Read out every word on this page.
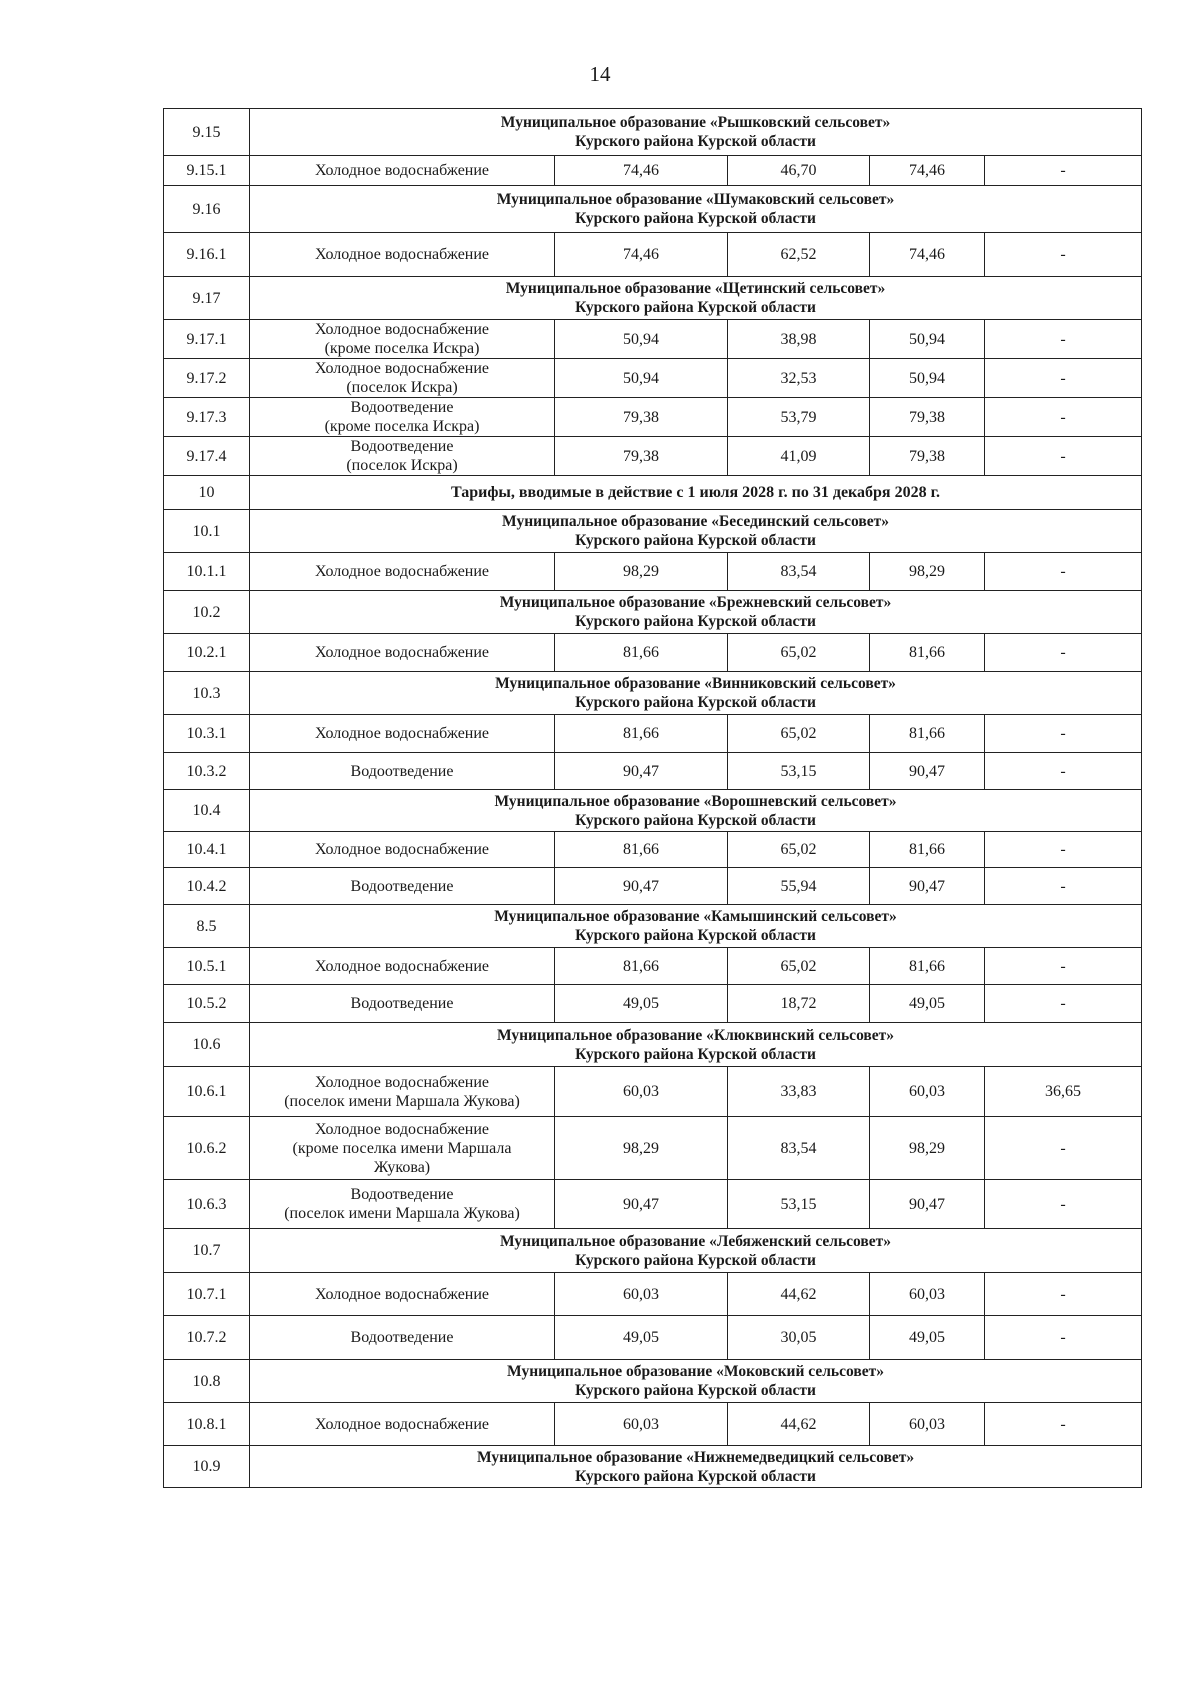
14
9.15	Муниципальное образование «Рышковский сельсовет»
Курского района Курской области				

9.15.1	Холодное водоснабжение	74,46	46,70	74,46	-
9.16	Муниципальное образование «Шумаковский сельсовет»
Курского района Курской области				

9.16.1	Холодное водоснабжение	74,46	62,52	74,46	-
9.17	Муниципальное образование «Щетинский сельсовет»
Курского района Курской области				

9.17.1	Холодное водоснабжение
(кроме поселка Искра)	50,94	38,98	50,94	-
9.17.2	Холодное водоснабжение
(поселок Искра)	50,94	32,53	50,94	-
9.17.3	Водоотведение
(кроме поселка Искра)	79,38	53,79	79,38	-
9.17.4	Водоотведение
(поселок Искра)	79,38	41,09	79,38	-
10	Тарифы, вводимые в действие с 1 июля 2028 г. по 31 декабря 2028 г.				
10.1	Муниципальное образование «Бесединский сельсовет»
Курского района Курской области				

10.1.1	Холодное водоснабжение	98,29	83,54	98,29	-
10.2	Муниципальное образование «Брежневский сельсовет»
Курского района Курской области				

10.2.1	Холодное водоснабжение	81,66	65,02	81,66	-
10.3	Муниципальное образование «Винниковский сельсовет»
Курского района Курской области				

10.3.1	Холодное водоснабжение	81,66	65,02	81,66	-
10.3.2	Водоотведение	90,47	53,15	90,47	-
10.4	Муниципальное образование «Ворошневский сельсовет»
Курского района Курской области				

10.4.1	Холодное водоснабжение	81,66	65,02	81,66	-
10.4.2	Водоотведение	90,47	55,94	90,47	-
8.5	Муниципальное образование «Камышинский сельсовет»
Курского района Курской области				

10.5.1	Холодное водоснабжение	81,66	65,02	81,66	-
10.5.2	Водоотведение	49,05	18,72	49,05	-
10.6	Муниципальное образование «Клюквинский сельсовет»
Курского района Курской области				

10.6.1	Холодное водоснабжение
(поселок имени Маршала Жукова)	60,03	33,83	60,03	36,65
10.6.2	Холодное водоснабжение
(кроме поселка имени Маршала
Жукова)	98,29	83,54	98,29	-
10.6.3	Водоотведение
(поселок имени Маршала Жукова)	90,47	53,15	90,47	-
10.7	Муниципальное образование «Лебяженский сельсовет»
Курского района Курской области				

10.7.1	Холодное водоснабжение	60,03	44,62	60,03	-
10.7.2	Водоотведение	49,05	30,05	49,05	-
10.8	Муниципальное образование «Моковский сельсовет»
Курского района Курской области				

10.8.1	Холодное водоснабжение	60,03	44,62	60,03	-
10.9	Муниципальное образование «Нижнемедведицкий сельсовет»
Курского района Курской области				
